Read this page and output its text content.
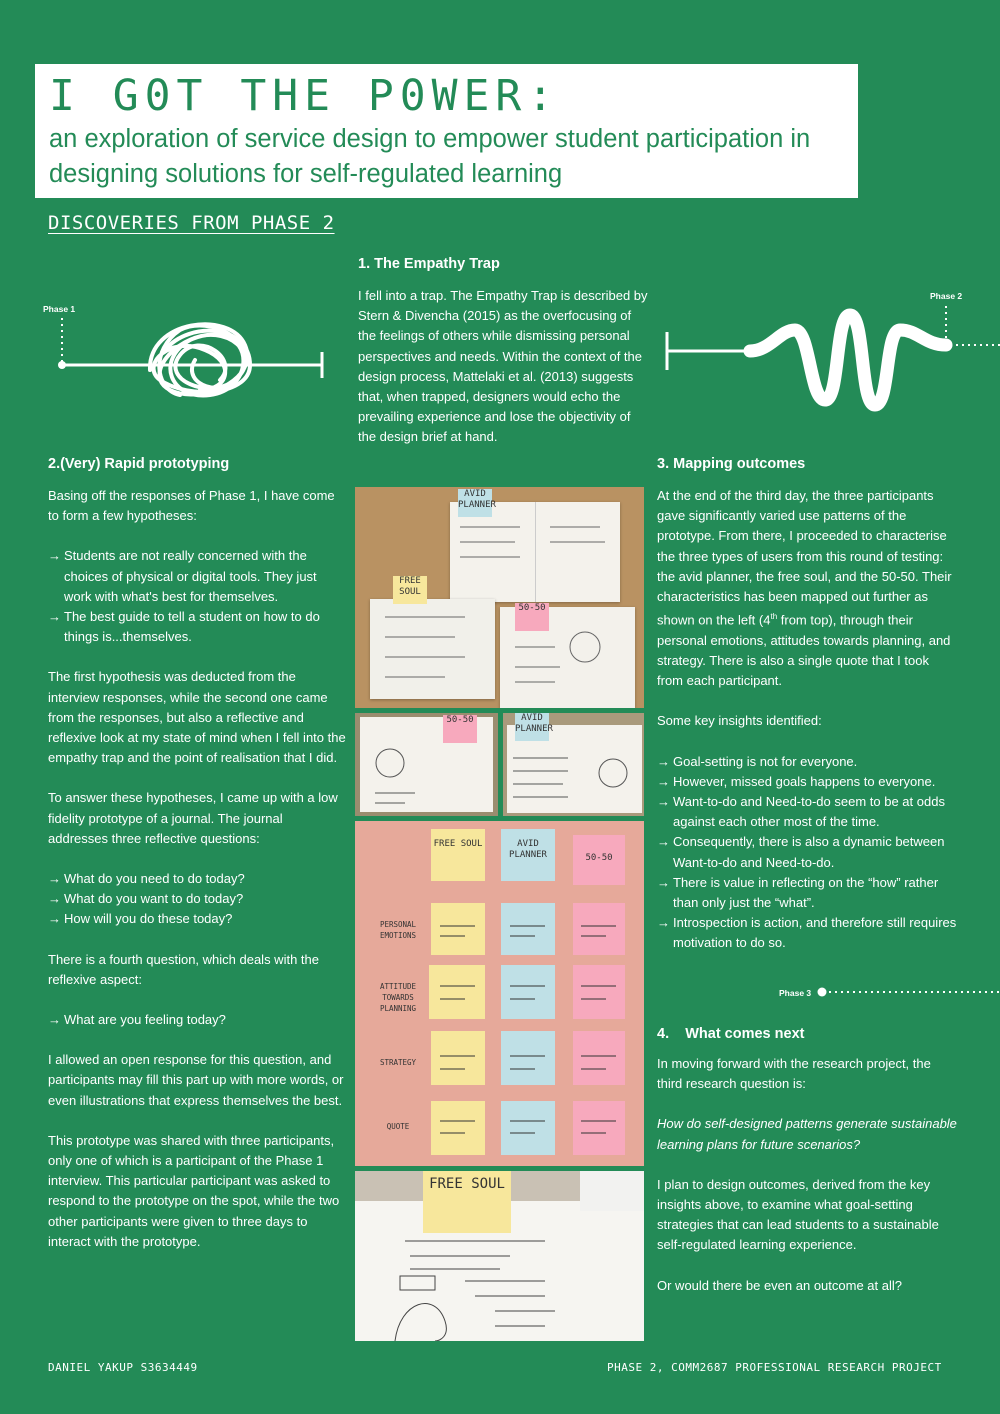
I G0T THE P0WER:

an exploration of service design to empower student participation in designing solutions for self-regulated learning

DISCOVERIES FROM PHASE 2
Phase 1
Phase 2
1. The Empathy Trap

I fell into a trap. The Empathy Trap is described by Stern & Divencha (2015) as the overfocusing of the feelings of others while dismissing personal perspectives and needs. Within the context of the design process, Mattelaki et al. (2013) suggests that, when trapped, designers would echo the prevailing experience and lose the objectivity of the design brief at hand.

2.(Very) Rapid prototyping

Basing off the responses of Phase 1, I have come to form a few hypotheses:

→ Students are not really concerned with the choices of physical or digital tools. They just work with what's best for themselves.
→ The best guide to tell a student on how to do things is...themselves.

The first hypothesis was deducted from the interview responses, while the second one came from the responses, but also a reflective and reflexive look at my state of mind when I fell into the empathy trap and the point of realisation that I did.

To answer these hypotheses, I came up with a low fidelity prototype of a journal. The journal addresses three reflective questions:

→ What do you need to do today?
→ What do you want to do today?
→ How will you do these today?

There is a fourth question, which deals with the reflexive aspect:

→ What are you feeling today?

I allowed an open response for this question, and participants may fill this part up with more words, or even illustrations that express themselves the best.

This prototype was shared with three participants, only one of which is a participant of the Phase 1 interview. This particular participant was asked to respond to the prototype on the spot, while the two other participants were given to three days to interact with the prototype.

3. Mapping outcomes

At the end of the third day, the three participants gave significantly varied use patterns of the prototype. From there, I proceeded to characterise the three types of users from this round of testing: the avid planner, the free soul, and the 50-50. Their characteristics has been mapped out further as shown on the left (4th from top), through their personal emotions, attitudes towards planning, and strategy. There is also a single quote that I took from each participant.

Some key insights identified:

→ Goal-setting is not for everyone.
→ However, missed goals happens to everyone.
→ Want-to-do and Need-to-do seem to be at odds against each other most of the time.
→ Consequently, there is also a dynamic between Want-to-do and Need-to-do.
→ There is value in reflecting on the “how” rather than only just the “what”.
→ Introspection is action, and therefore still requires motivation to do so.
Phase 3
4.    What comes next

In moving forward with the research project, the third research question is:

How do self-designed patterns generate sustainable learning plans for future scenarios?

I plan to design outcomes, derived from the key insights above, to examine what goal-setting strategies that can lead students to a sustainable self-regulated learning experience.

Or would there be even an outcome at all?

AVID PLANNER
FREE SOUL
50-50
50-50	AVID PLANNER
PERSONAL EMOTIONS
ATTITUDE TOWARDS PLANNING
STRATEGY
QUOTE
FREE SOUL	AVID PLANNER	50-50
FREE SOUL
DANIEL YAKUP S3634449	PHASE 2, COMM2687 PROFESSIONAL RESEARCH PROJECT
